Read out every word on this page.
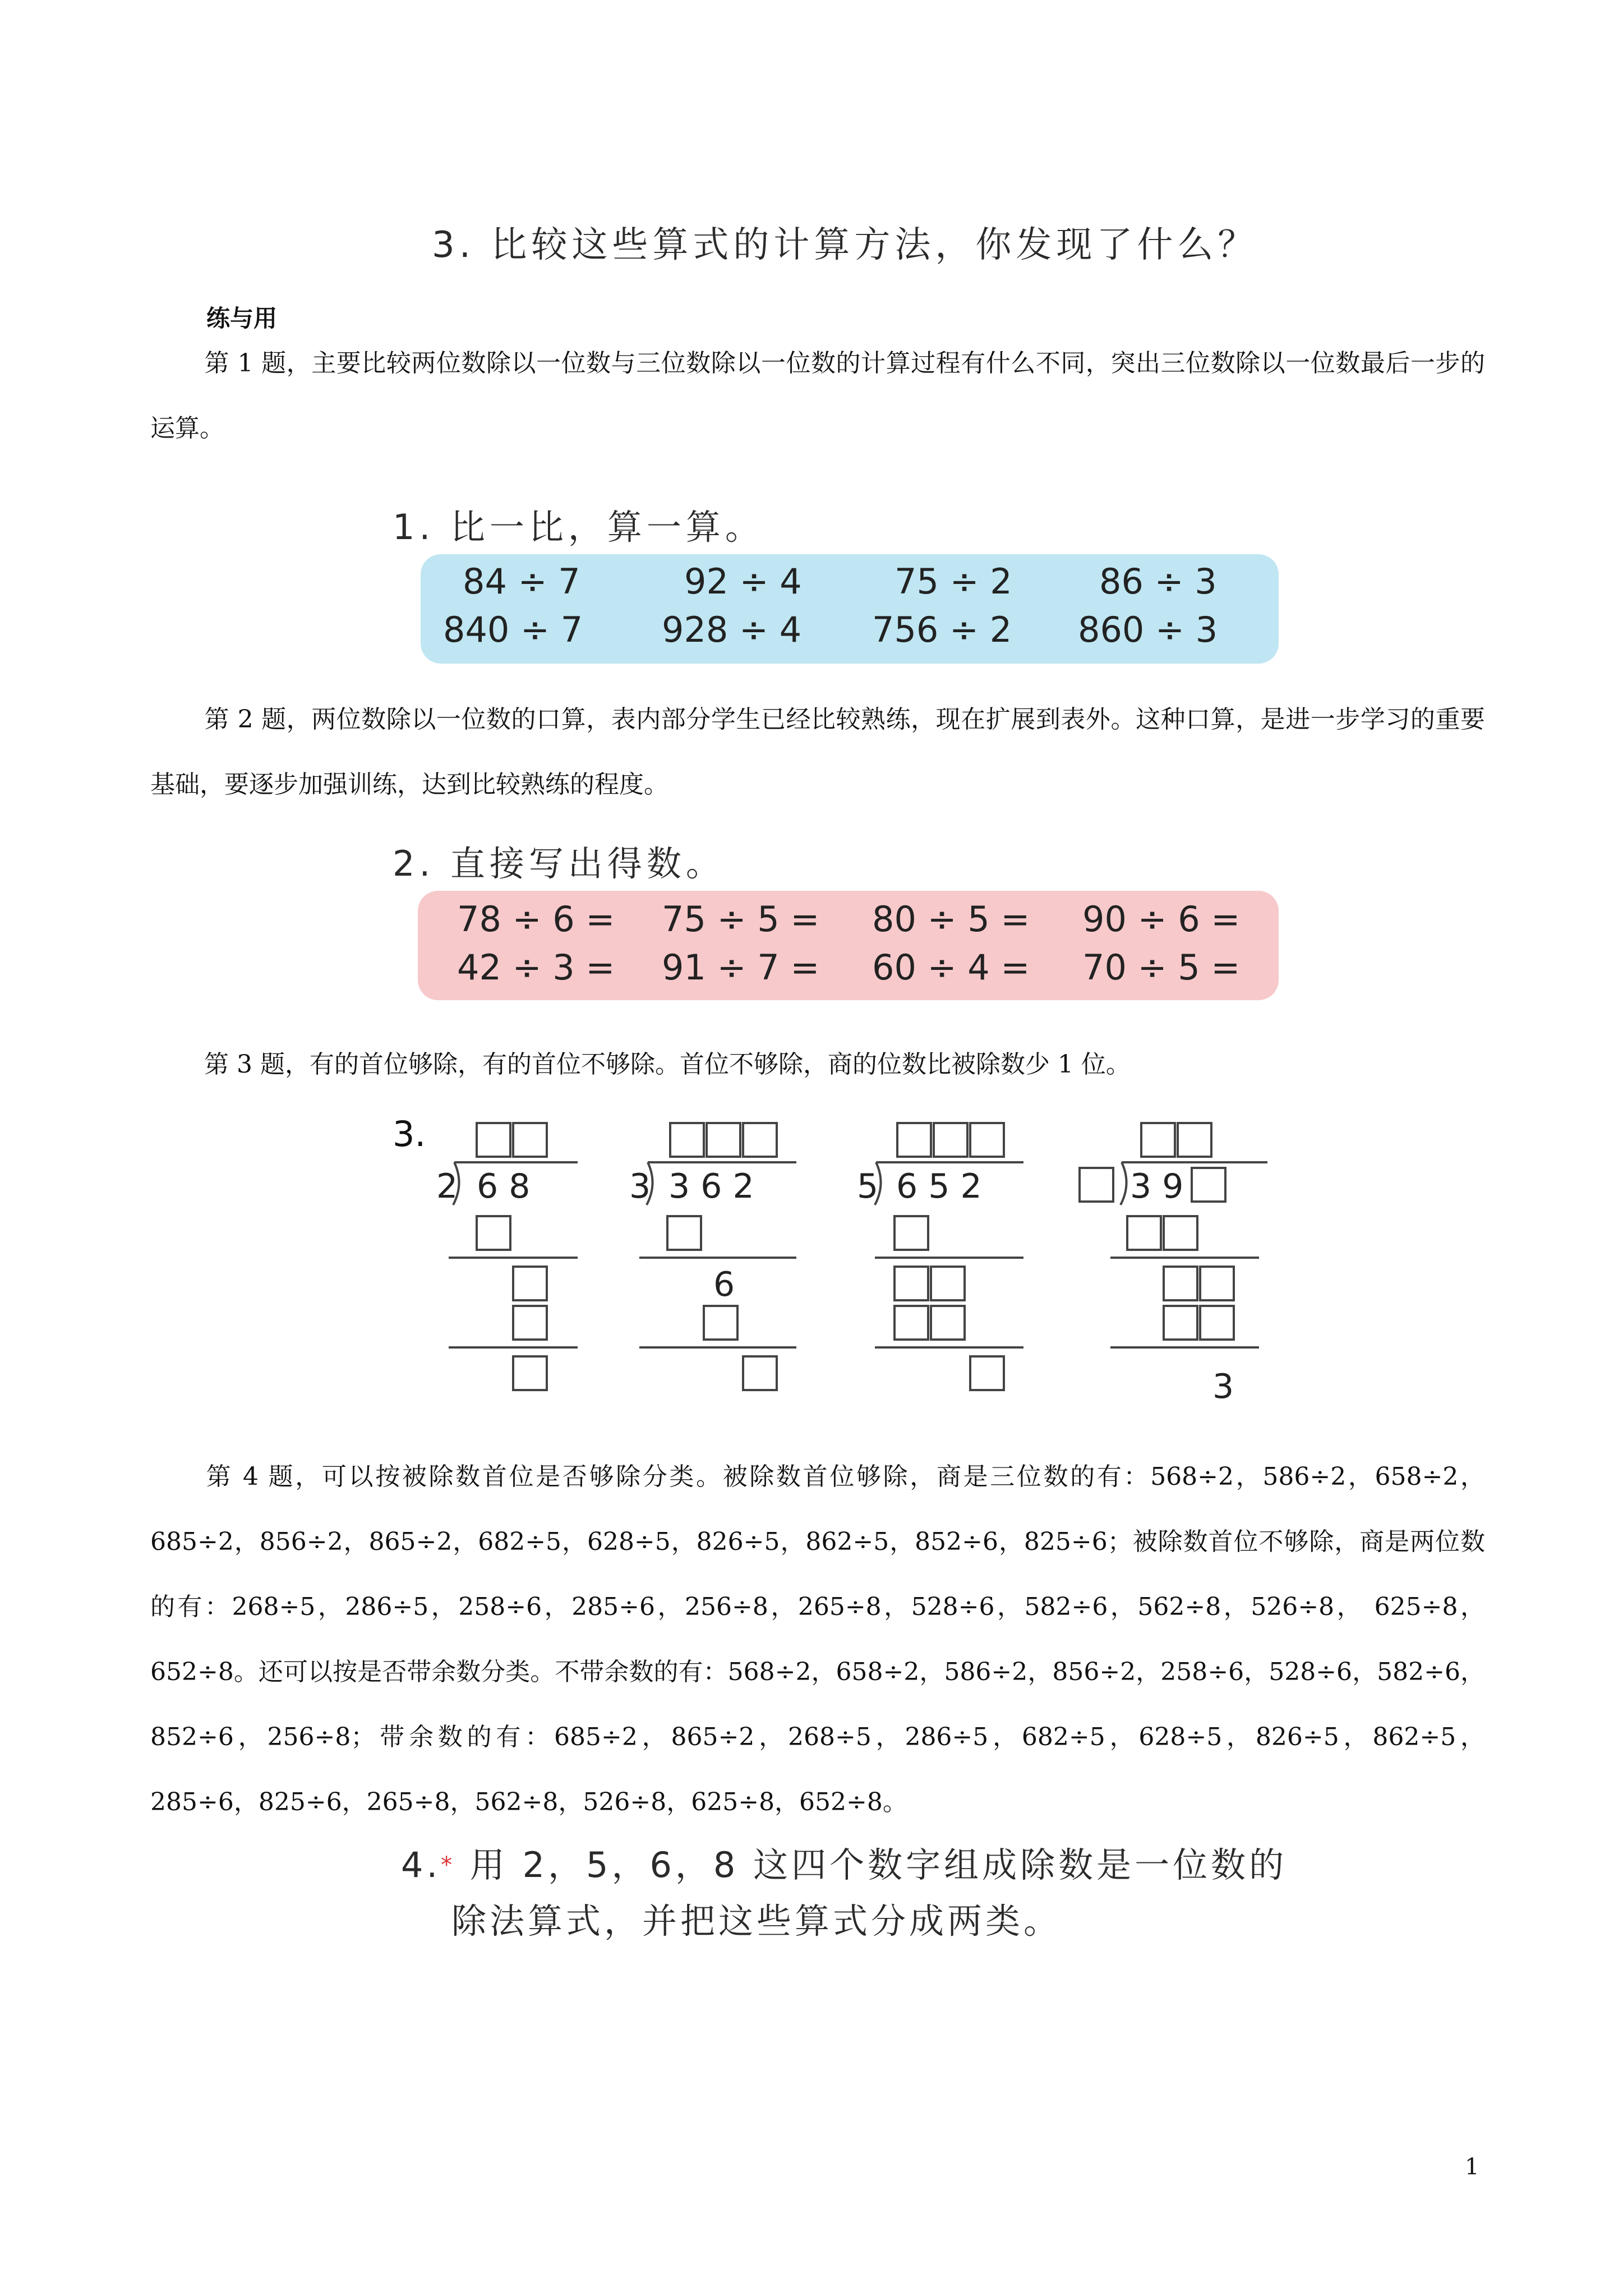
3. 比较这些算式的计算方法，你发现了什么？
练与用
第 1 题，主要比较两位数除以一位数与三位数除以一位数的计算过程有什么不同，突出三位数除以一位数最后一步的运算。
1. 比一比，算一算。
84 ÷ 7	92 ÷ 4	75 ÷ 2	86 ÷ 3
840 ÷ 7 928 ÷ 4 756 ÷ 2 860 ÷ 3
第 2 题，两位数除以一位数的口算，表内部分学生已经比较熟练，现在扩展到表外。这种口算，是进一步学习的重要基础，要逐步加强训练，达到比较熟练的程度。
2. 直接写出得数。
78 ÷ 6 = 75 ÷ 5 = 80 ÷ 5 = 90 ÷ 6 =
42 ÷ 3 = 91 ÷ 7 = 60 ÷ 4 = 70 ÷ 5 =
第 3 题，有的首位够除，有的首位不够除。首位不够除，商的位数比被除数少 1 位。
3.
2 6 8	3 3 6 2
6
5 6 5 2	3 9
3
第 4 题，可以按被除数首位是否够除分类。被除数首位够除，商是三位数的有：568÷2，586÷2，658÷2，685÷2，856÷2，865÷2，682÷5，628÷5，826÷5，862÷5，852÷6，825÷6；被除数首位不够除，商是两位数的有：268÷5，286÷5，258÷6，285÷6，256÷8，265÷8，528÷6，582÷6，562÷8，526÷8， 625÷8，652÷8。还可以按是否带余数分类。不带余数的有：568÷2，658÷2，586÷2，856÷2，258÷6，528÷6，582÷6，852÷6，256÷8；带余数的有：685÷2，865÷2，268÷5，286÷5，682÷5，628÷5，826÷5，862÷5，285÷6，825÷6，265÷8，562÷8，526÷8，625÷8，652÷8。
4.* 用 2，5，6，8 这四个数字组成除数是一位数的
除法算式，并把这些算式分成两类。
1
